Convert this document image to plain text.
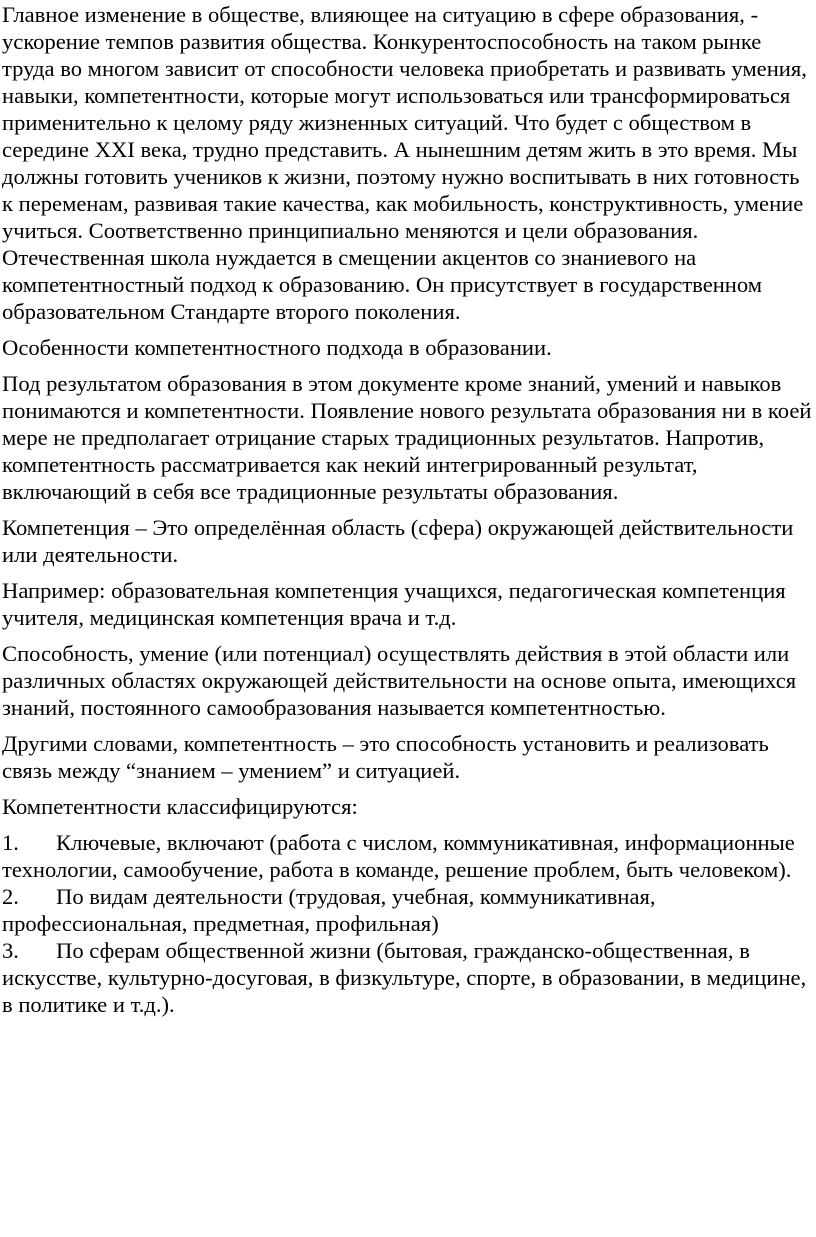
Главное изменение в обществе, влияющее на ситуацию в сфере образования, - ускорение темпов развития общества. Конкурентоспособность на таком рынке труда во многом зависит от способности человека приобретать и развивать умения, навыки, компетентности, которые могут использоваться или трансформироваться применительно к целому ряду жизненных ситуаций. Что будет с обществом в середине XXI века, трудно представить. А нынешним детям жить в это время. Мы должны готовить учеников к жизни, поэтому нужно воспитывать в них готовность к переменам, развивая такие качества, как мобильность, конструктивность, умение учиться. Соответственно принципиально меняются и цели образования. Отечественная школа нуждается в смещении акцентов со знаниевого на компетентностный подход к образованию. Он присутствует в государственном образовательном Стандарте второго поколения.

Особенности компетентностного подхода в образовании.

Под результатом образования в этом документе кроме знаний, умений и навыков понимаются и компетентности. Появление нового результата образования ни в коей мере не предполагает отрицание старых традиционных результатов. Напротив, компетентность рассматривается как некий интегрированный результат, включающий в себя все традиционные результаты образования.

Компетенция – Это определённая область (сфера) окружающей действительности или деятельности.

Например: образовательная компетенция учащихся, педагогическая компетенция учителя, медицинская компетенция врача и т.д.

Способность, умение (или потенциал) осуществлять действия в этой области или различных областях окружающей действительности на основе опыта, имеющихся знаний, постоянного самообразования называется компетентностью.

Другими словами, компетентность – это способность установить и реализовать связь между “знанием – умением” и ситуацией.

Компетентности классифицируются:

1. Ключевые, включают (работа с числом, коммуникативная, информационные технологии, самообучение, работа в команде, решение проблем, быть человеком).
2. По видам деятельности (трудовая, учебная, коммуникативная, профессиональная, предметная, профильная)
3. По сферам общественной жизни (бытовая, гражданско-общественная, в искусстве, культурно-досуговая, в физкультуре, спорте, в образовании, в медицине, в политике и т.д.).
